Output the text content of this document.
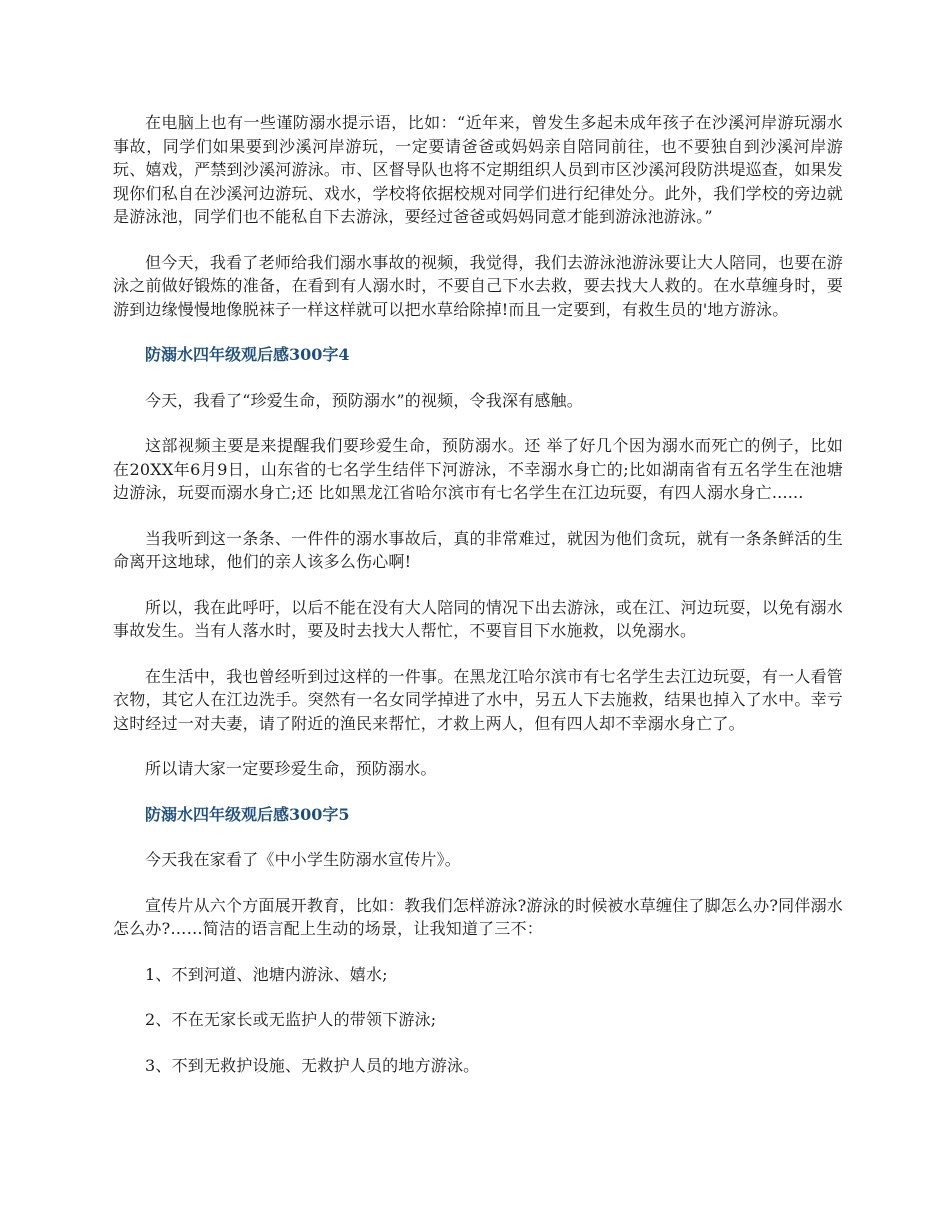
在电脑上也有一些谨防溺水提示语，比如：“近年来，曾发生多起未成年孩子在沙溪河岸游玩溺水事故，同学们如果要到沙溪河岸游玩，一定要请爸爸或妈妈亲自陪同前往，也不要独自到沙溪河岸游玩、嬉戏，严禁到沙溪河游泳。市、区督导队也将不定期组织人员到市区沙溪河段防洪堤巡查，如果发现你们私自在沙溪河边游玩、戏水，学校将依据校规对同学们进行纪律处分。此外，我们学校的旁边就是游泳池，同学们也不能私自下去游泳，要经过爸爸或妈妈同意才能到游泳池游泳。”

但今天，我看了老师给我们溺水事故的视频，我觉得，我们去游泳池游泳要让大人陪同，也要在游泳之前做好锻炼的准备，在看到有人溺水时，不要自己下水去救，要去找大人救的。在水草缠身时，要游到边缘慢慢地像脱袜子一样这样就可以把水草给除掉!而且一定要到，有救生员的'地方游泳。

防溺水四年级观后感300字4

今天，我看了“珍爱生命，预防溺水”的视频，令我深有感触。

这部视频主要是来提醒我们要珍爱生命，预防溺水。还 举了好几个因为溺水而死亡的例子，比如在20XX年6月9日，山东省的七名学生结伴下河游泳，不幸溺水身亡的;比如湖南省有五名学生在池塘边游泳，玩耍而溺水身亡;还 比如黑龙江省哈尔滨市有七名学生在江边玩耍，有四人溺水身亡......

当我听到这一条条、一件件的溺水事故后，真的非常难过，就因为他们贪玩，就有一条条鲜活的生命离开这地球，他们的亲人该多么伤心啊!

所以，我在此呼吁，以后不能在没有大人陪同的情况下出去游泳，或在江、河边玩耍，以免有溺水事故发生。当有人落水时，要及时去找大人帮忙，不要盲目下水施救，以免溺水。

在生活中，我也曾经听到过这样的一件事。在黑龙江哈尔滨市有七名学生去江边玩耍，有一人看管衣物，其它人在江边洗手。突然有一名女同学掉进了水中，另五人下去施救，结果也掉入了水中。幸亏这时经过一对夫妻，请了附近的渔民来帮忙，才救上两人，但有四人却不幸溺水身亡了。

所以请大家一定要珍爱生命，预防溺水。

防溺水四年级观后感300字5

今天我在家看了《中小学生防溺水宣传片》。

宣传片从六个方面展开教育，比如：教我们怎样游泳?游泳的时候被水草缠住了脚怎么办?同伴溺水怎么办?……简洁的语言配上生动的场景，让我知道了三不：

1、不到河道、池塘内游泳、嬉水;

2、不在无家长或无监护人的带领下游泳;

3、不到无救护设施、无救护人员的地方游泳。
